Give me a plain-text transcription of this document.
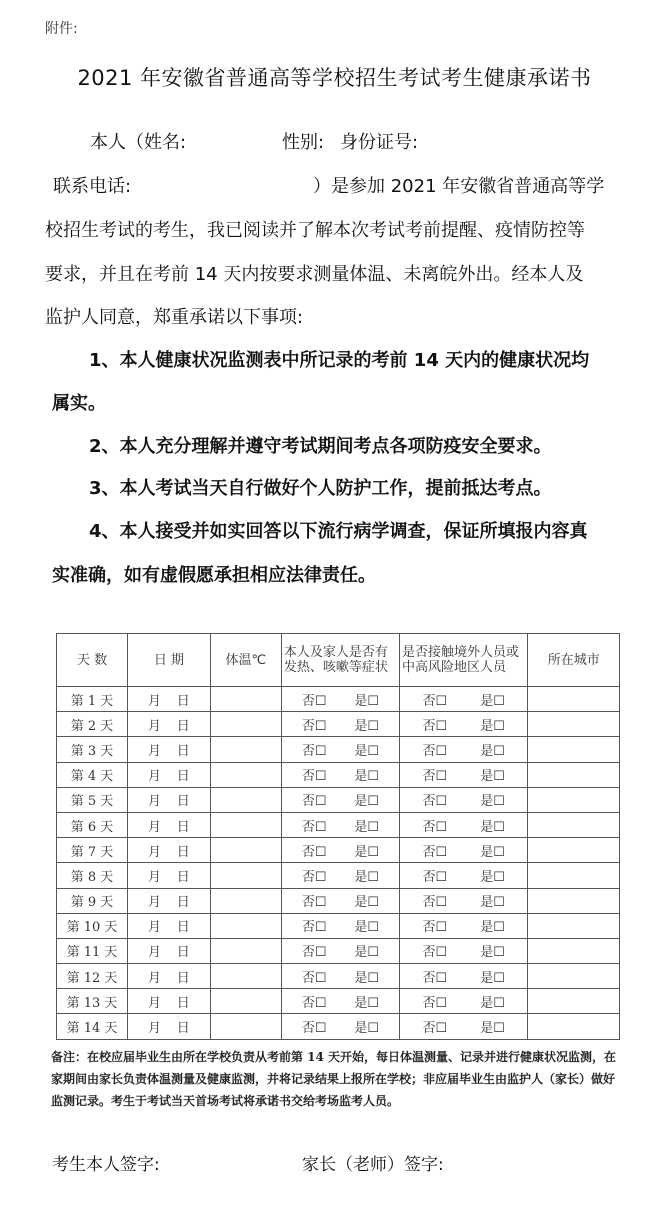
附件:
2021 年安徽省普通高等学校招生考试考生健康承诺书
本人（姓名:	性别: 身份证号:
联系电话:	）是参加 2021 年安徽省普通高等学
校招生考试的考生，我已阅读并了解本次考试考前提醒、疫情防控等
要求，并且在考前 14 天内按要求测量体温、未离皖外出。经本人及
监护人同意，郑重承诺以下事项:
1、本人健康状况监测表中所记录的考前 14 天内的健康状况均
属实。
2、本人充分理解并遵守考试期间考点各项防疫安全要求。
3、本人考试当天自行做好个人防护工作，提前抵达考点。
4、本人接受并如实回答以下流行病学调查，保证所填报内容真
实准确，如有虚假愿承担相应法律责任。
天 数	日 期	体温℃	本人及家人是否有发热、咳嗽等症状	是否接触境外人员或中高风险地区人员	所在城市
第 1 天	月 日		否☐ 是☐	否☐ 是☐	

第 2 天	月 日		否☐ 是☐	否☐ 是☐	

第 3 天	月 日		否☐ 是☐	否☐ 是☐	

第 4 天	月 日		否☐ 是☐	否☐ 是☐	

第 5 天	月 日		否☐ 是☐	否☐ 是☐	

第 6 天	月 日		否☐ 是☐	否☐ 是☐	

第 7 天	月 日		否☐ 是☐	否☐ 是☐	

第 8 天	月 日		否☐ 是☐	否☐ 是☐	

第 9 天	月 日		否☐ 是☐	否☐ 是☐	

第 10 天	月 日		否☐ 是☐	否☐ 是☐	

第 11 天	月 日		否☐ 是☐	否☐ 是☐	

第 12 天	月 日		否☐ 是☐	否☐ 是☐	

第 13 天	月 日		否☐ 是☐	否☐ 是☐	

第 14 天	月 日		否☐ 是☐	否☐ 是☐	

备注：在校应届毕业生由所在学校负责从考前第 14 天开始，每日体温测量、记录并进行健康状况监测，在家期间由家长负责体温测量及健康监测，并将记录结果上报所在学校；非应届毕业生由监护人（家长）做好监测记录。考生于考试当天首场考试将承诺书交给考场监考人员。
考生本人签字:	家长（老师）签字:
